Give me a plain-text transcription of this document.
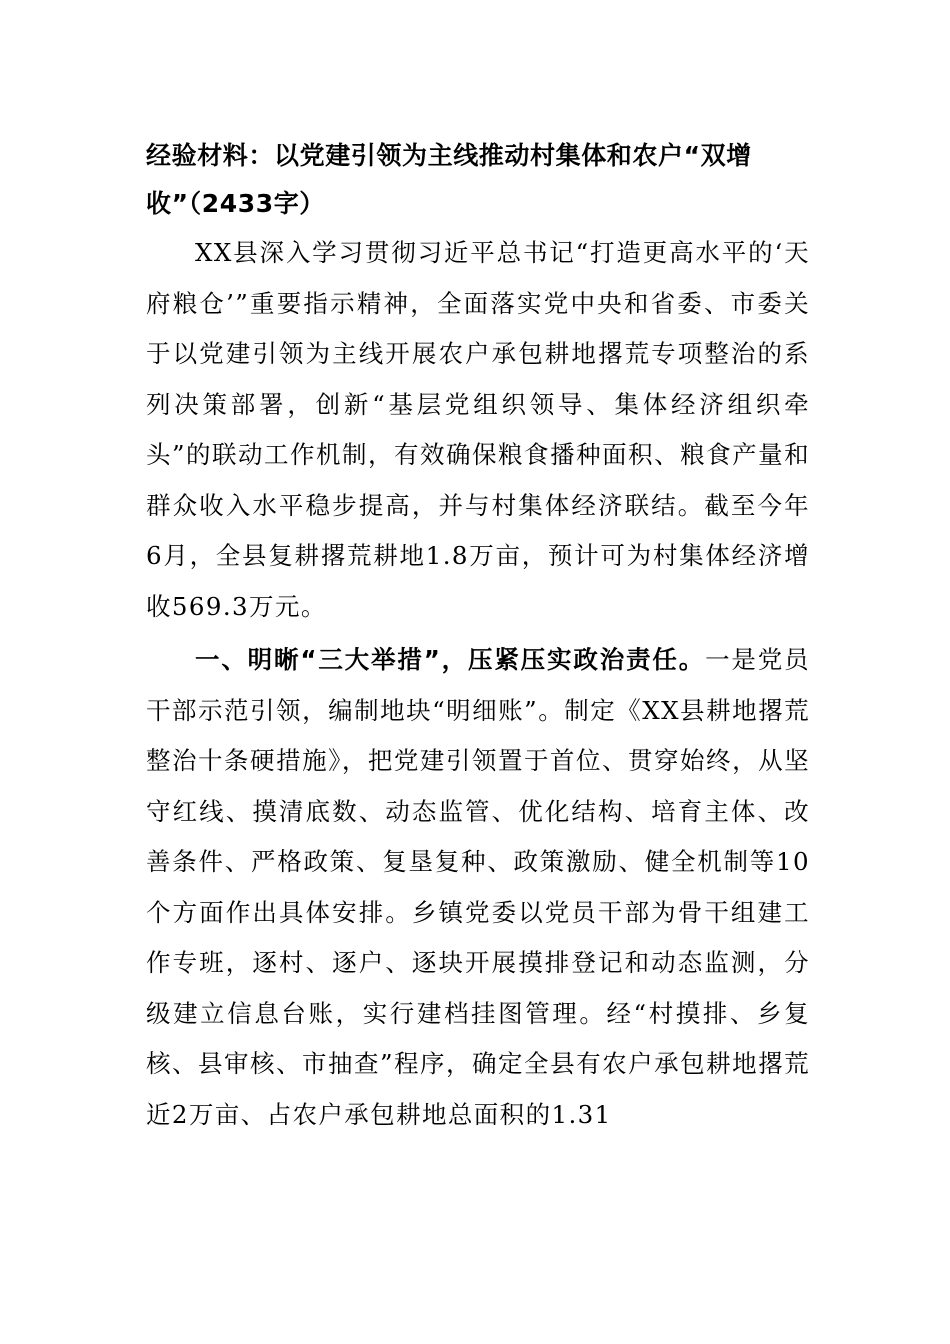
经验材料：以党建引领为主线推动村集体和农户“双增收”（2433字）

XX县深入学习贯彻习近平总书记“打造更高水平的‘天府粮仓’”重要指示精神，全面落实党中央和省委、市委关于以党建引领为主线开展农户承包耕地撂荒专项整治的系列决策部署，创新“基层党组织领导、集体经济组织牵头”的联动工作机制，有效确保粮食播种面积、粮食产量和群众收入水平稳步提高，并与村集体经济联结。截至今年6月，全县复耕撂荒耕地1.8万亩，预计可为村集体经济增收569.3万元。

一、明晰“三大举措”，压紧压实政治责任。一是党员干部示范引领，编制地块“明细账”。制定《XX县耕地撂荒整治十条硬措施》，把党建引领置于首位、贯穿始终，从坚守红线、摸清底数、动态监管、优化结构、培育主体、改善条件、严格政策、复垦复种、政策激励、健全机制等10个方面作出具体安排。乡镇党委以党员干部为骨干组建工作专班，逐村、逐户、逐块开展摸排登记和动态监测，分级建立信息台账，实行建档挂图管理。经“村摸排、乡复核、县审核、市抽查”程序，确定全县有农户承包耕地撂荒近2万亩、占农户承包耕地总面积的1.31
